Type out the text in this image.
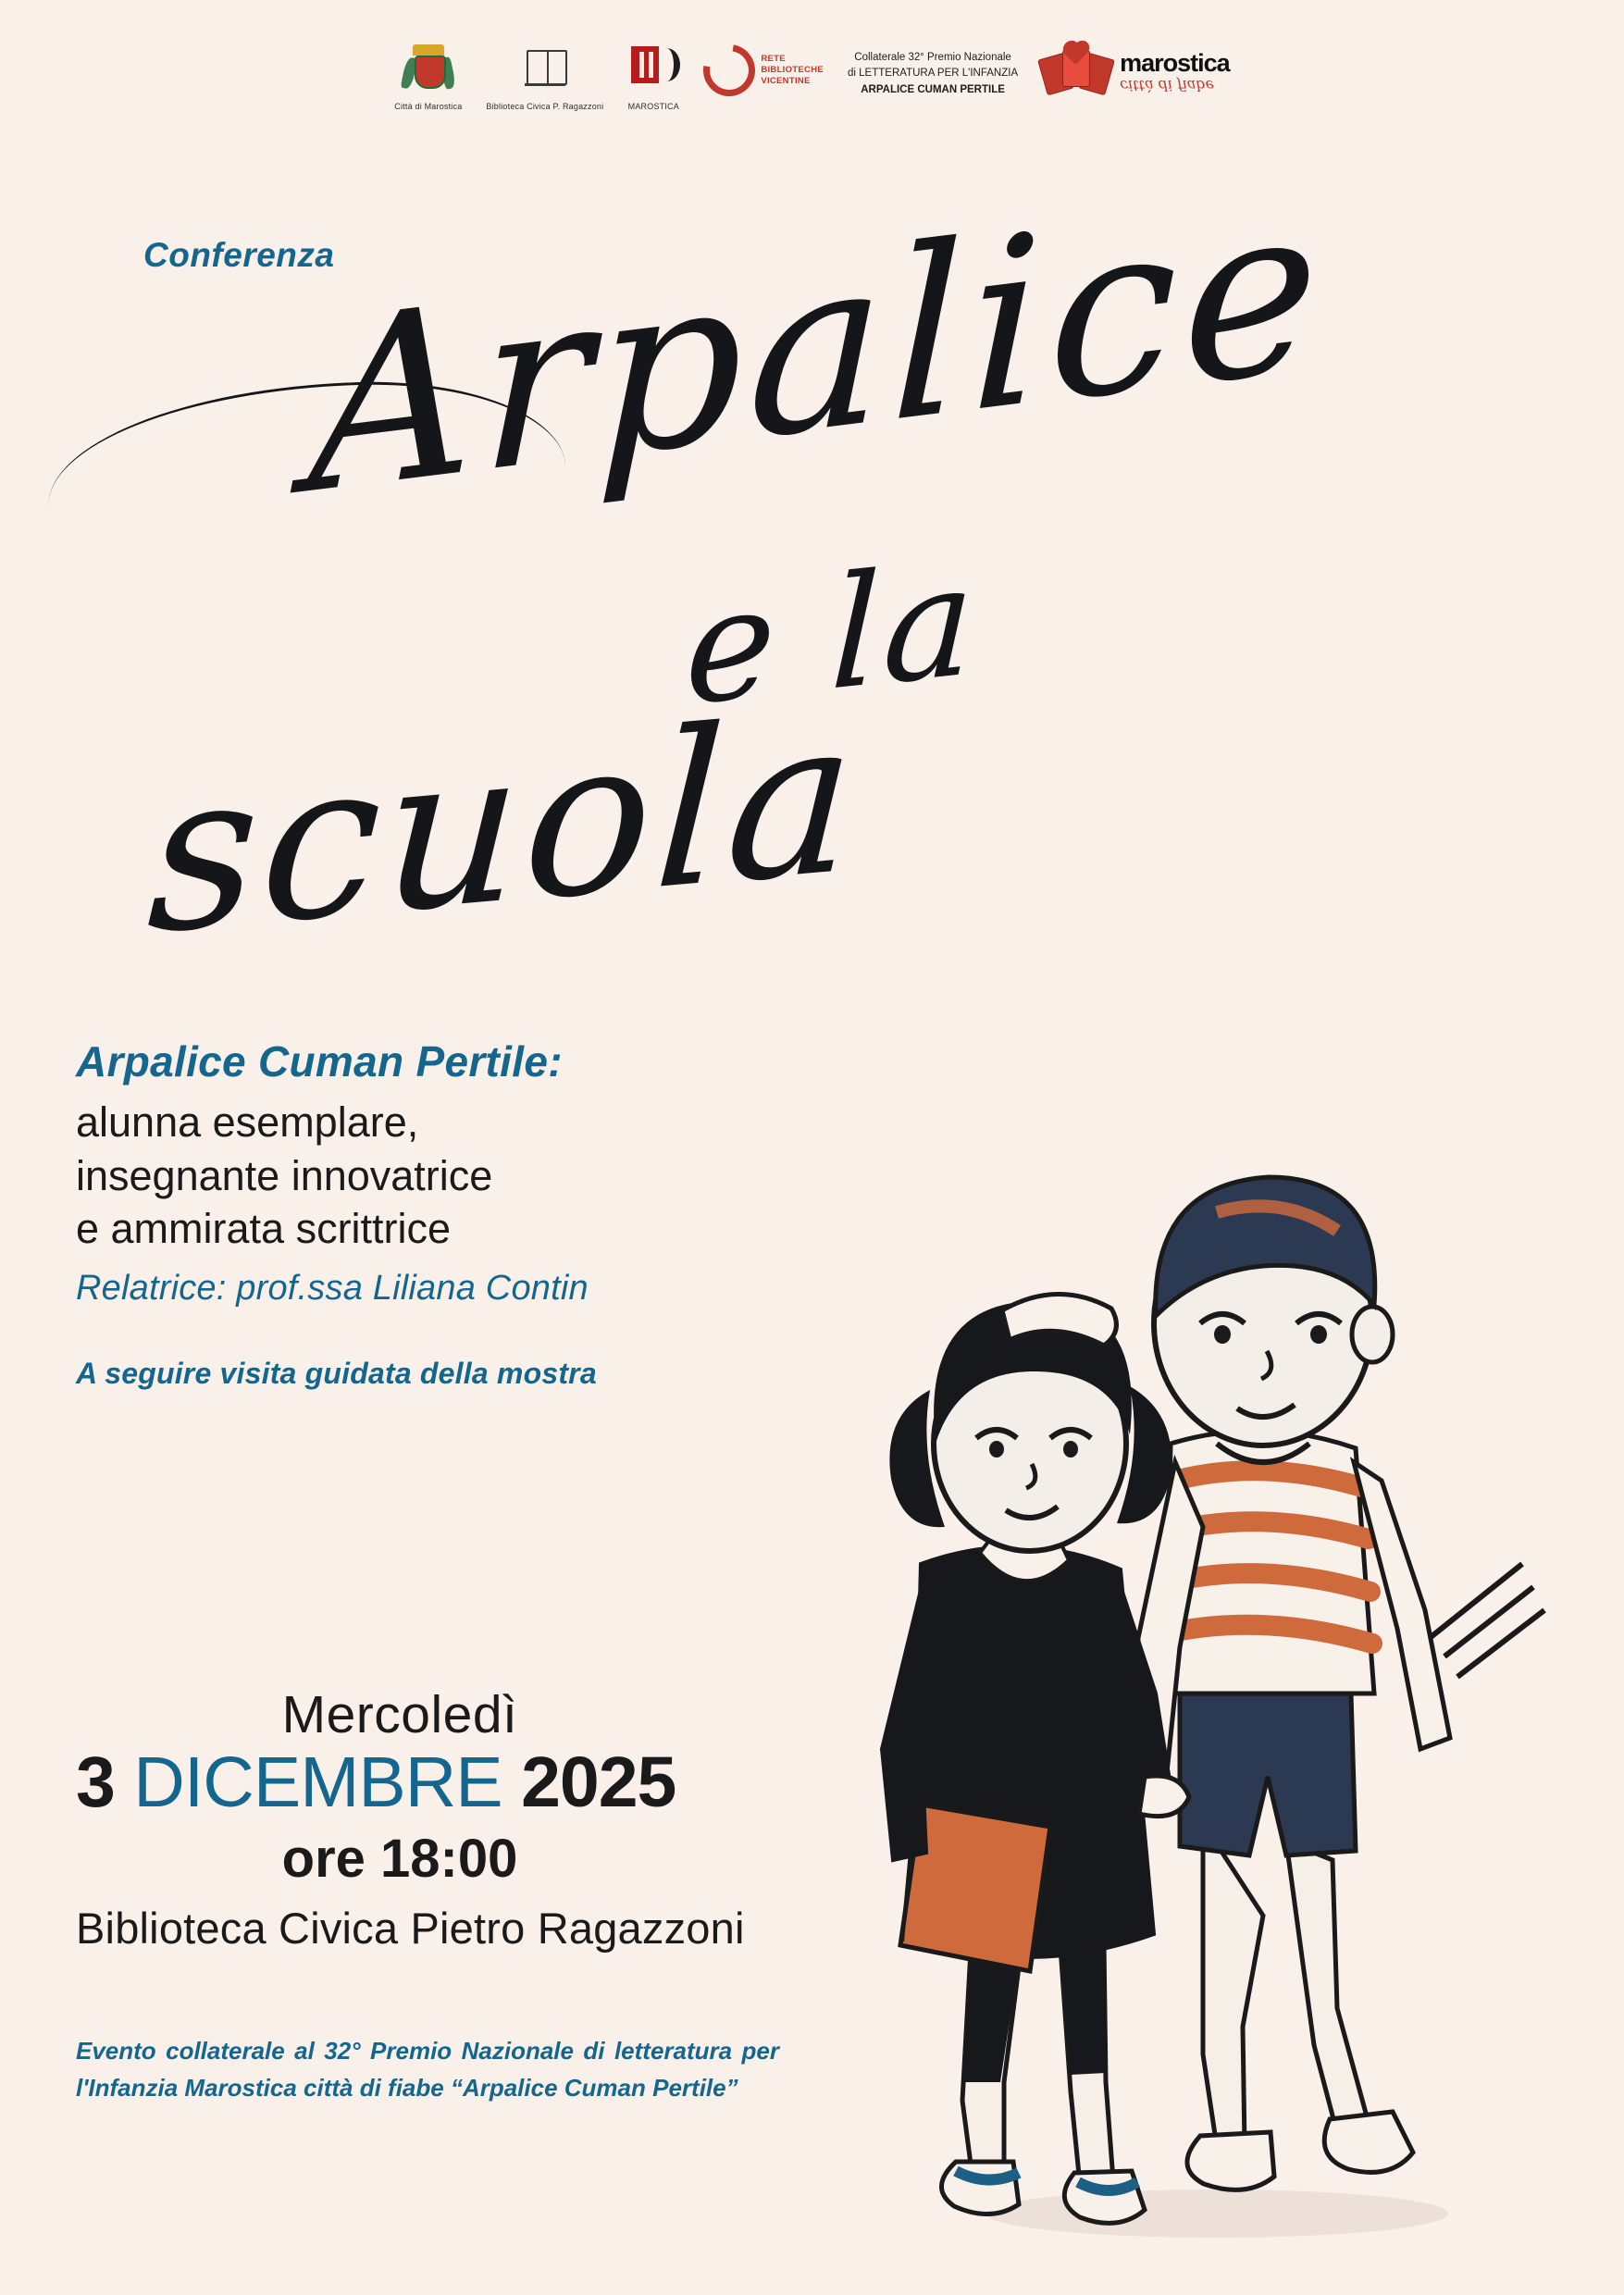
Città di Marostica	Biblioteca Civica P. Ragazzoni	MAROSTICA
RETE
BIBLIOTECHE
VICENTINE
Collaterale 32° Premio Nazionale
di LETTERATURA PER L'INFANZIA
ARPALICE CUMAN PERTILE
marostica
città di fiabe
Conferenza
Arpalice
e la
scuola

Arpalice Cuman Pertile:

alunna esemplare,

insegnante innovatrice

e ammirata scrittrice

Relatrice: prof.ssa Liliana Contin
A seguire visita guidata della mostra
Mercoledì
3 DICEMBRE 2025
ore 18:00
Biblioteca Civica Pietro Ragazzoni
Evento collaterale al 32° Premio Nazionale di letteratura per l'Infanzia Marostica città di fiabe “Arpalice Cuman Pertile”
